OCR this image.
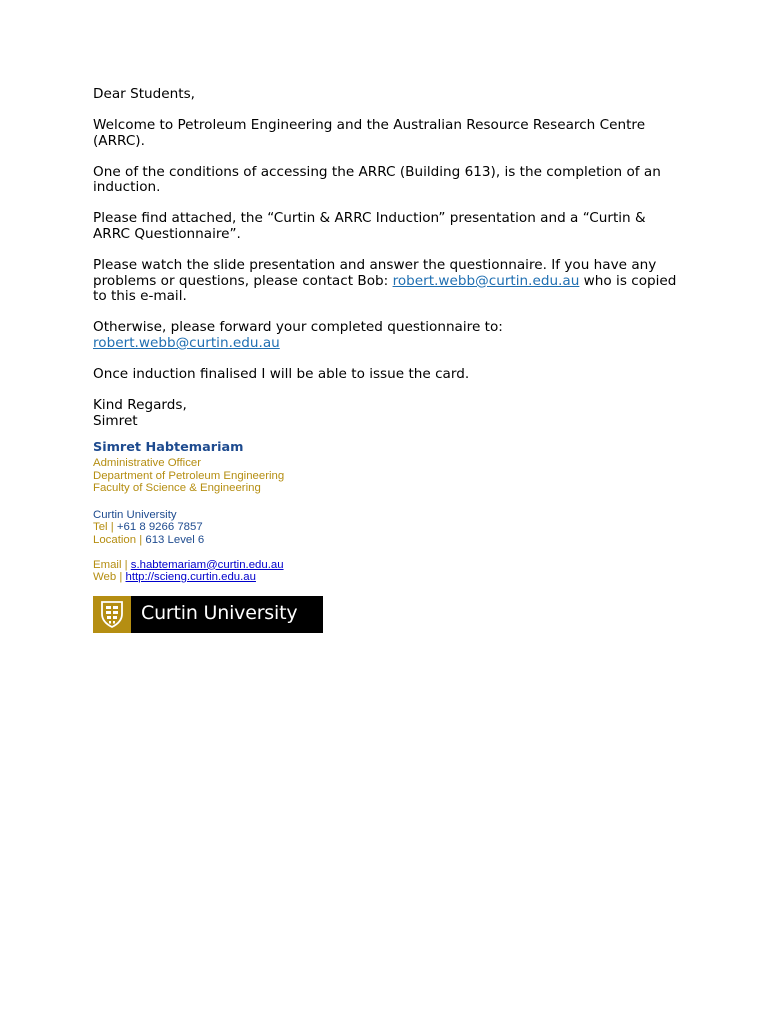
Dear Students,

Welcome to Petroleum Engineering and the Australian Resource Research Centre (ARRC).

One of the conditions of accessing the ARRC (Building 613), is the completion of an induction.

Please find attached, the “Curtin & ARRC Induction” presentation and a “Curtin & ARRC Questionnaire”.

Please watch the slide presentation and answer the questionnaire. If you have any problems or questions, please contact Bob: robert.webb@curtin.edu.au who is copied to this e-mail.

Otherwise, please forward your completed questionnaire to:
robert.webb@curtin.edu.au

Once induction finalised I will be able to issue the card.

Kind Regards,
Simret

Simret Habtemariam
Administrative Officer
Department of Petroleum Engineering
Faculty of Science & Engineering
Curtin University
Tel | +61 8 9266 7857
Location | 613 Level 6
Email | s.habtemariam@curtin.edu.au
Web | http://scieng.curtin.edu.au
Curtin University
